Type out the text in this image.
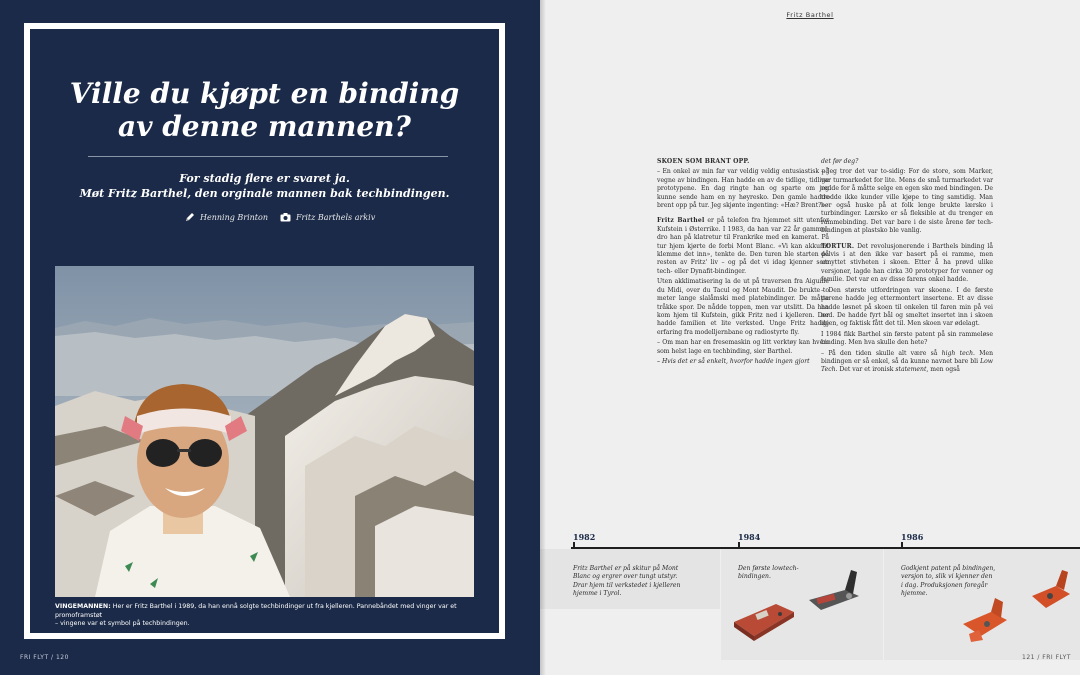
Ville du kjøpt en binding
av denne mannen?
For stadig flere er svaret ja.
Møt Fritz Barthel, den orginale mannen bak techbindingen.
Henning Brinton	Fritz Barthels arkiv
VINGEMANNEN: Her er Fritz Barthel i 1989, da han ennå solgte techbindinger ut fra kjelleren. Pannebåndet med vinger var et promoframstøt
– vingene var et symbol på techbindingen.
FRI FLYT / 120
Fritz Barthel

SKOEN SOM BRANT OPP.

– En onkel av min far var veldig veldig entusiastisk på vegne av bindingen. Han hadde en av de tidlige, tidlige prototypene. En dag ringte han og sparte om jeg kunne sende ham en ny høyresko. Den gamle hadde brent opp på tur. Jeg skjønte ingenting: «Hæ? Brent?»

Fritz Barthel er på telefon fra hjemmet sitt utenfor Kufstein i Østerrike. I 1983, da han var 22 år gammel, dro han på klatretur til Frankrike med en kamerat. På tur hjem kjørte de forbi Mont Blanc. «Vi kan akkurat klemme det inn», tenkte de. Den turen ble starten på resten av Fritz' liv – og på det vi idag kjenner som tech- eller Dynafit-bindinger.

Uten akklimatisering la de ut på traversen fra Aiguille du Midi, over du Tacul og Mont Maudit. De brukte to meter lange slalåmski med platebindinger. De måtte tråkke spor. De nådde toppen, men var utslitt. Da han kom hjem til Kufstein, gikk Fritz ned i kjelleren. Der hadde familien et lite verksted. Unge Fritz hadde erfaring fra modelljernbane og radiostyrte fly.

– Om man har en fresemaskin og litt verktøy kan hvem som helst lage en techbinding, sier Barthel.

– Hvis det er så enkelt, hvorfor hadde ingen gjort

det før deg?

– Jeg tror det var to-sidig: For de store, som Marker, var turmarkedet for lite. Mens de små turmarkedet var redde for å måtte selge en egen sko med bindingen. De trodde ikke kunder ville kjøpe to ting samtidig. Man bør også huske på at folk lenge brukte lærsko i turbindinger. Lærsko er så fleksible at du trenger en rammebinding. Det var bare i de siste årene før tech-bindingen at plastsko ble vanlig.

TORTUR. Det revolusjonerende i Barthels binding lå delvis i at den ikke var basert på ei ramme, men utnyttet stivheten i skoen. Etter å ha prøvd ulike versjoner, lagde han cirka 30 prototyper for venner og familie. Det var en av disse farens onkel hadde.

– Den største utfordringen var skoene. I de første parene hadde jeg ettermontert insertene. Et av disse hadde løsnet på skoen til onkelen til faren min på vei ned. De hadde fyrt bål og smeltet insertet inn i skoen igjen, og faktisk fått det til. Men skoen var ødelagt.

I 1984 fikk Barthel sin første patent på sin rammeløse binding. Men hva skulle den hete?

– På den tiden skulle alt være så high tech. Men bindingen er så enkel, så da kunne navnet bare bli Low Tech. Det var et ironisk statement, men også

1982
Fritz Barthel er på skitur på Mont Blanc og ergrer over tungt utstyr. Drar hjem til verkstedet i kjelleren hjemme i Tyrol.
1984
Den første lowtech-bindingen.
1986
Godkjent patent på bindingen, versjon to, slik vi kjenner den i dag. Produksjonen foregår hjemme.
121 / FRI FLYT
